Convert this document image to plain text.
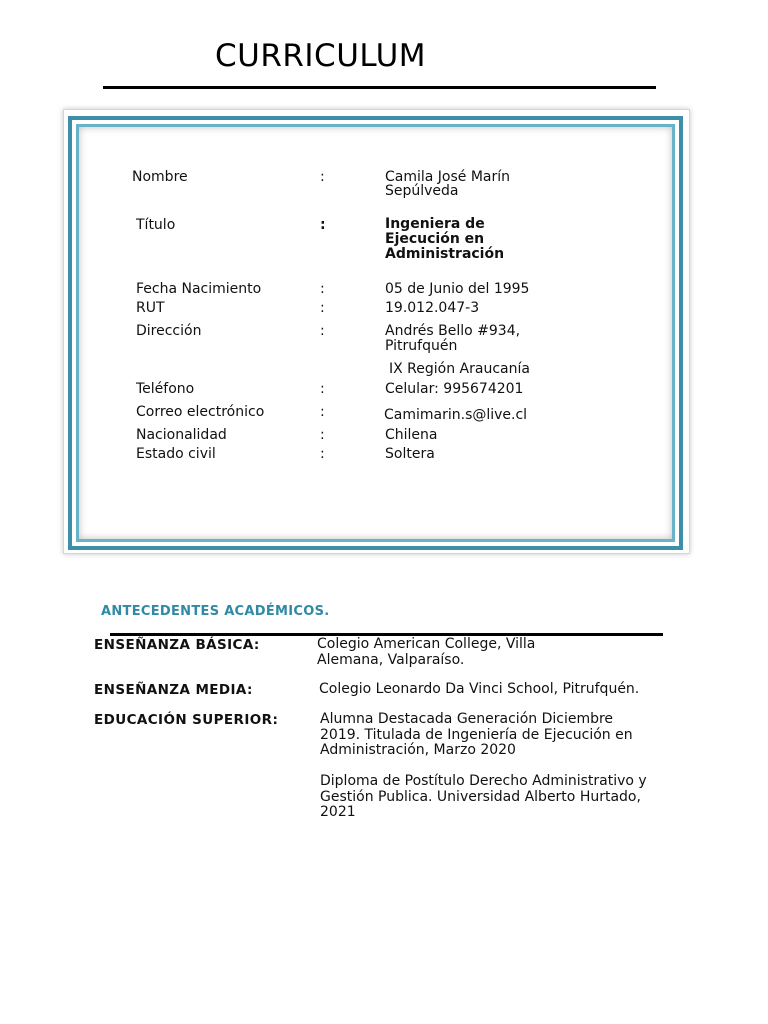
CURRICULUM
Nombre	:	Camila José Marín
Sepúlveda
Título	:	Ingeniera de
Ejecución en
Administración
Fecha Nacimiento	:	05 de Junio del 1995
RUT	:	19.012.047-3
Dirección	:	Andrés Bello #934,
Pitrufquén
IX Región Araucanía
Teléfono	:	Celular: 995674201
Correo electrónico	:	Camimarin.s@live.cl
Nacionalidad	:	Chilena
Estado civil	:	Soltera
ANTECEDENTES ACADÉMICOS.
ENSEÑANZA BÁSICA:	Colegio American College, Villa
Alemana, Valparaíso.
ENSEÑANZA MEDIA:	Colegio Leonardo Da Vinci School, Pitrufquén.
EDUCACIÓN SUPERIOR:	Alumna Destacada Generación Diciembre
2019. Titulada de Ingeniería de Ejecución en
Administración, Marzo 2020
Diploma de Postítulo Derecho Administrativo y
Gestión Publica. Universidad Alberto Hurtado,
2021
